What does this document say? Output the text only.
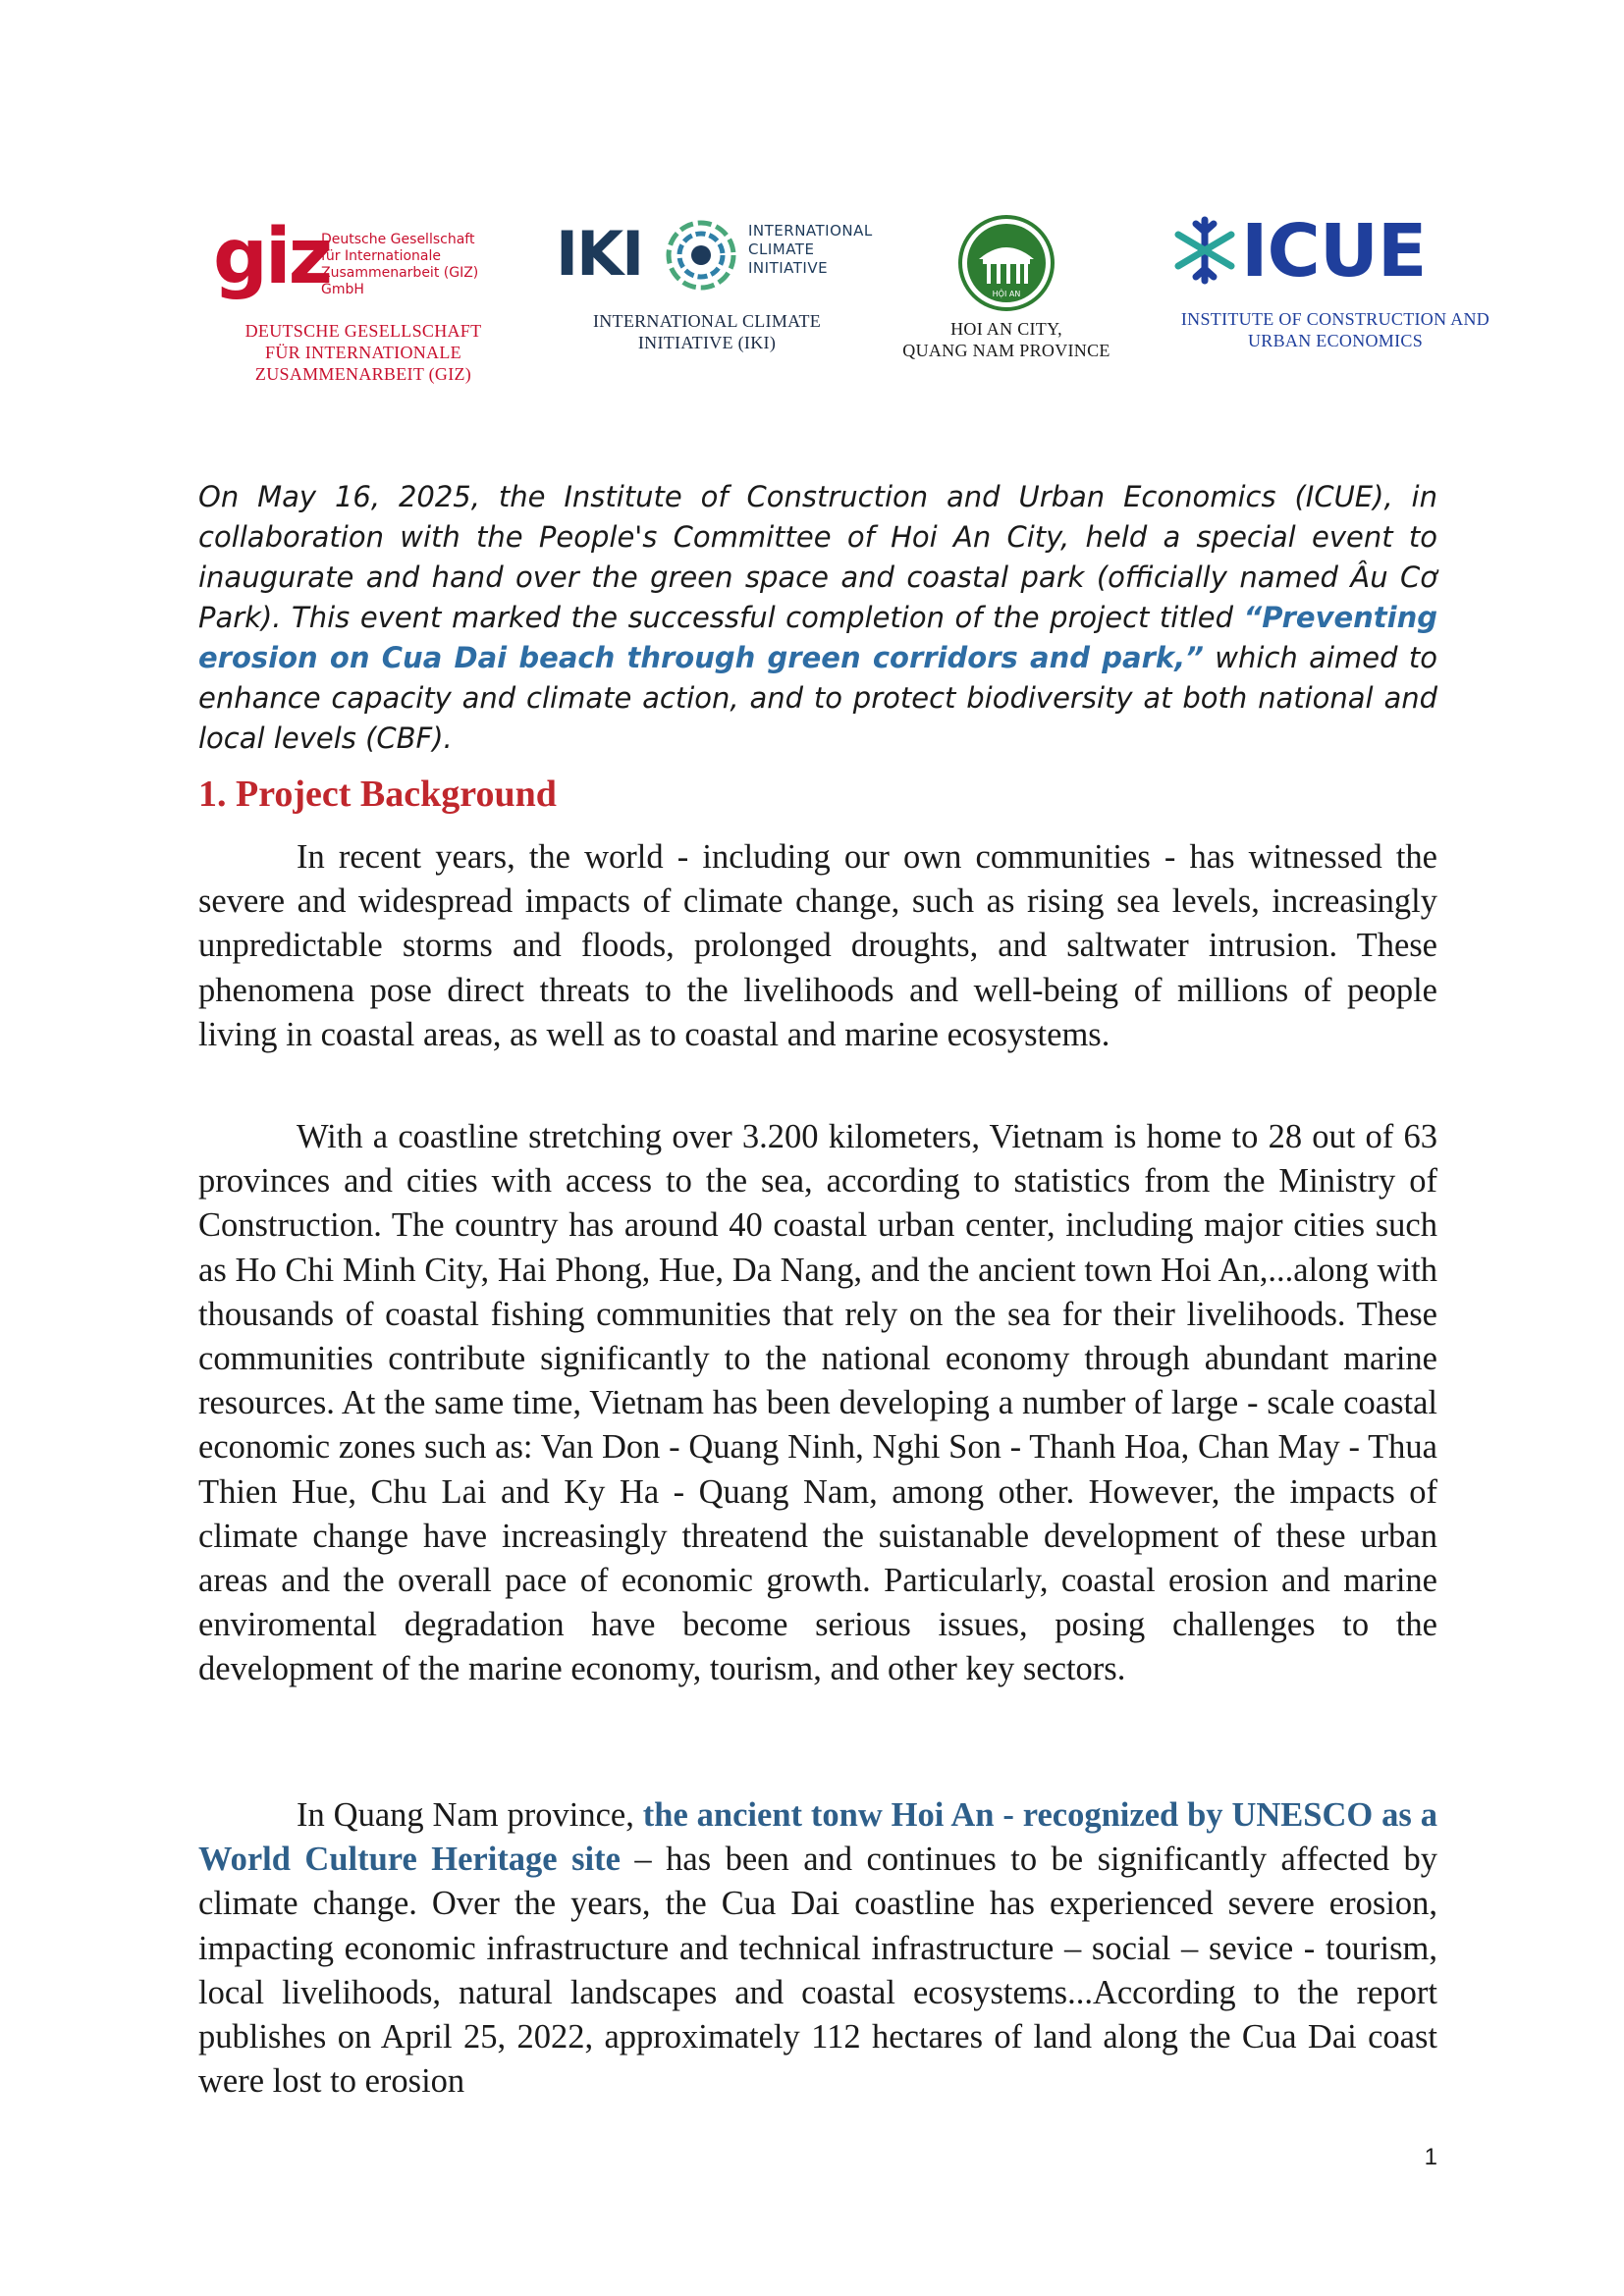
giz
Deutsche Gesellschaft
für Internationale
Zusammenarbeit (GIZ) GmbH
DEUTSCHE GESELLSCHAFT
FÜR INTERNATIONALE
ZUSAMMENARBEIT (GIZ)
IKI	INTERNATIONAL
CLIMATE
INITIATIVE
INTERNATIONAL CLIMATE
INITIATIVE (IKI)
HỘI AN
HOI AN CITY,
QUANG NAM PROVINCE
ICUE
INSTITUTE OF CONSTRUCTION AND
URBAN ECONOMICS

On May 16, 2025, the Institute of Construction and Urban Economics (ICUE), in collaboration with the People's Committee of Hoi An City, held a special event to inaugurate and hand over the green space and coastal park (officially named Âu Cơ Park). This event marked the successful completion of the project titled “Preventing erosion on Cua Dai beach through green corridors and park,” which aimed to enhance capacity and climate action, and to protect biodiversity at both national and local levels (CBF).

1. Project Background

In recent years, the world - including our own communities - has witnessed the severe and widespread impacts of climate change, such as rising sea levels, increasingly unpredictable storms and floods, prolonged droughts, and saltwater intrusion. These phenomena pose direct threats to the livelihoods and well-being of millions of people living in coastal areas, as well as to coastal and marine ecosystems.

With a coastline stretching over 3.200 kilometers, Vietnam is home to 28 out of 63 provinces and cities with access to the sea, according to statistics from the Ministry of Construction. The country has around 40 coastal urban center, including major cities such as Ho Chi Minh City, Hai Phong, Hue, Da Nang, and the ancient town Hoi An,...along with thousands of coastal fishing communities that rely on the sea for their livelihoods. These communities contribute significantly to the national economy through abundant marine resources. At the same time, Vietnam has been developing a number of large - scale coastal economic zones such as: Van Don - Quang Ninh, Nghi Son - Thanh Hoa, Chan May - Thua Thien Hue, Chu Lai and Ky Ha - Quang Nam, among other. However, the impacts of climate change have increasingly threatend the suistanable development of these urban areas and the overall pace of economic growth. Particularly, coastal erosion and marine enviromental degradation have become serious issues, posing challenges to the development of the marine economy, tourism, and other key sectors.

In Quang Nam province, the ancient tonw Hoi An - recognized by UNESCO as a World Culture Heritage site – has been and continues to be significantly affected by climate change. Over the years, the Cua Dai coastline has experienced severe erosion, impacting economic infrastructure and technical infrastructure – social – sevice - tourism, local livelihoods, natural landscapes and coastal ecosystems...According to the report publishes on April 25, 2022, approximately 112 hectares of land along the Cua Dai coast were lost to erosion

1
